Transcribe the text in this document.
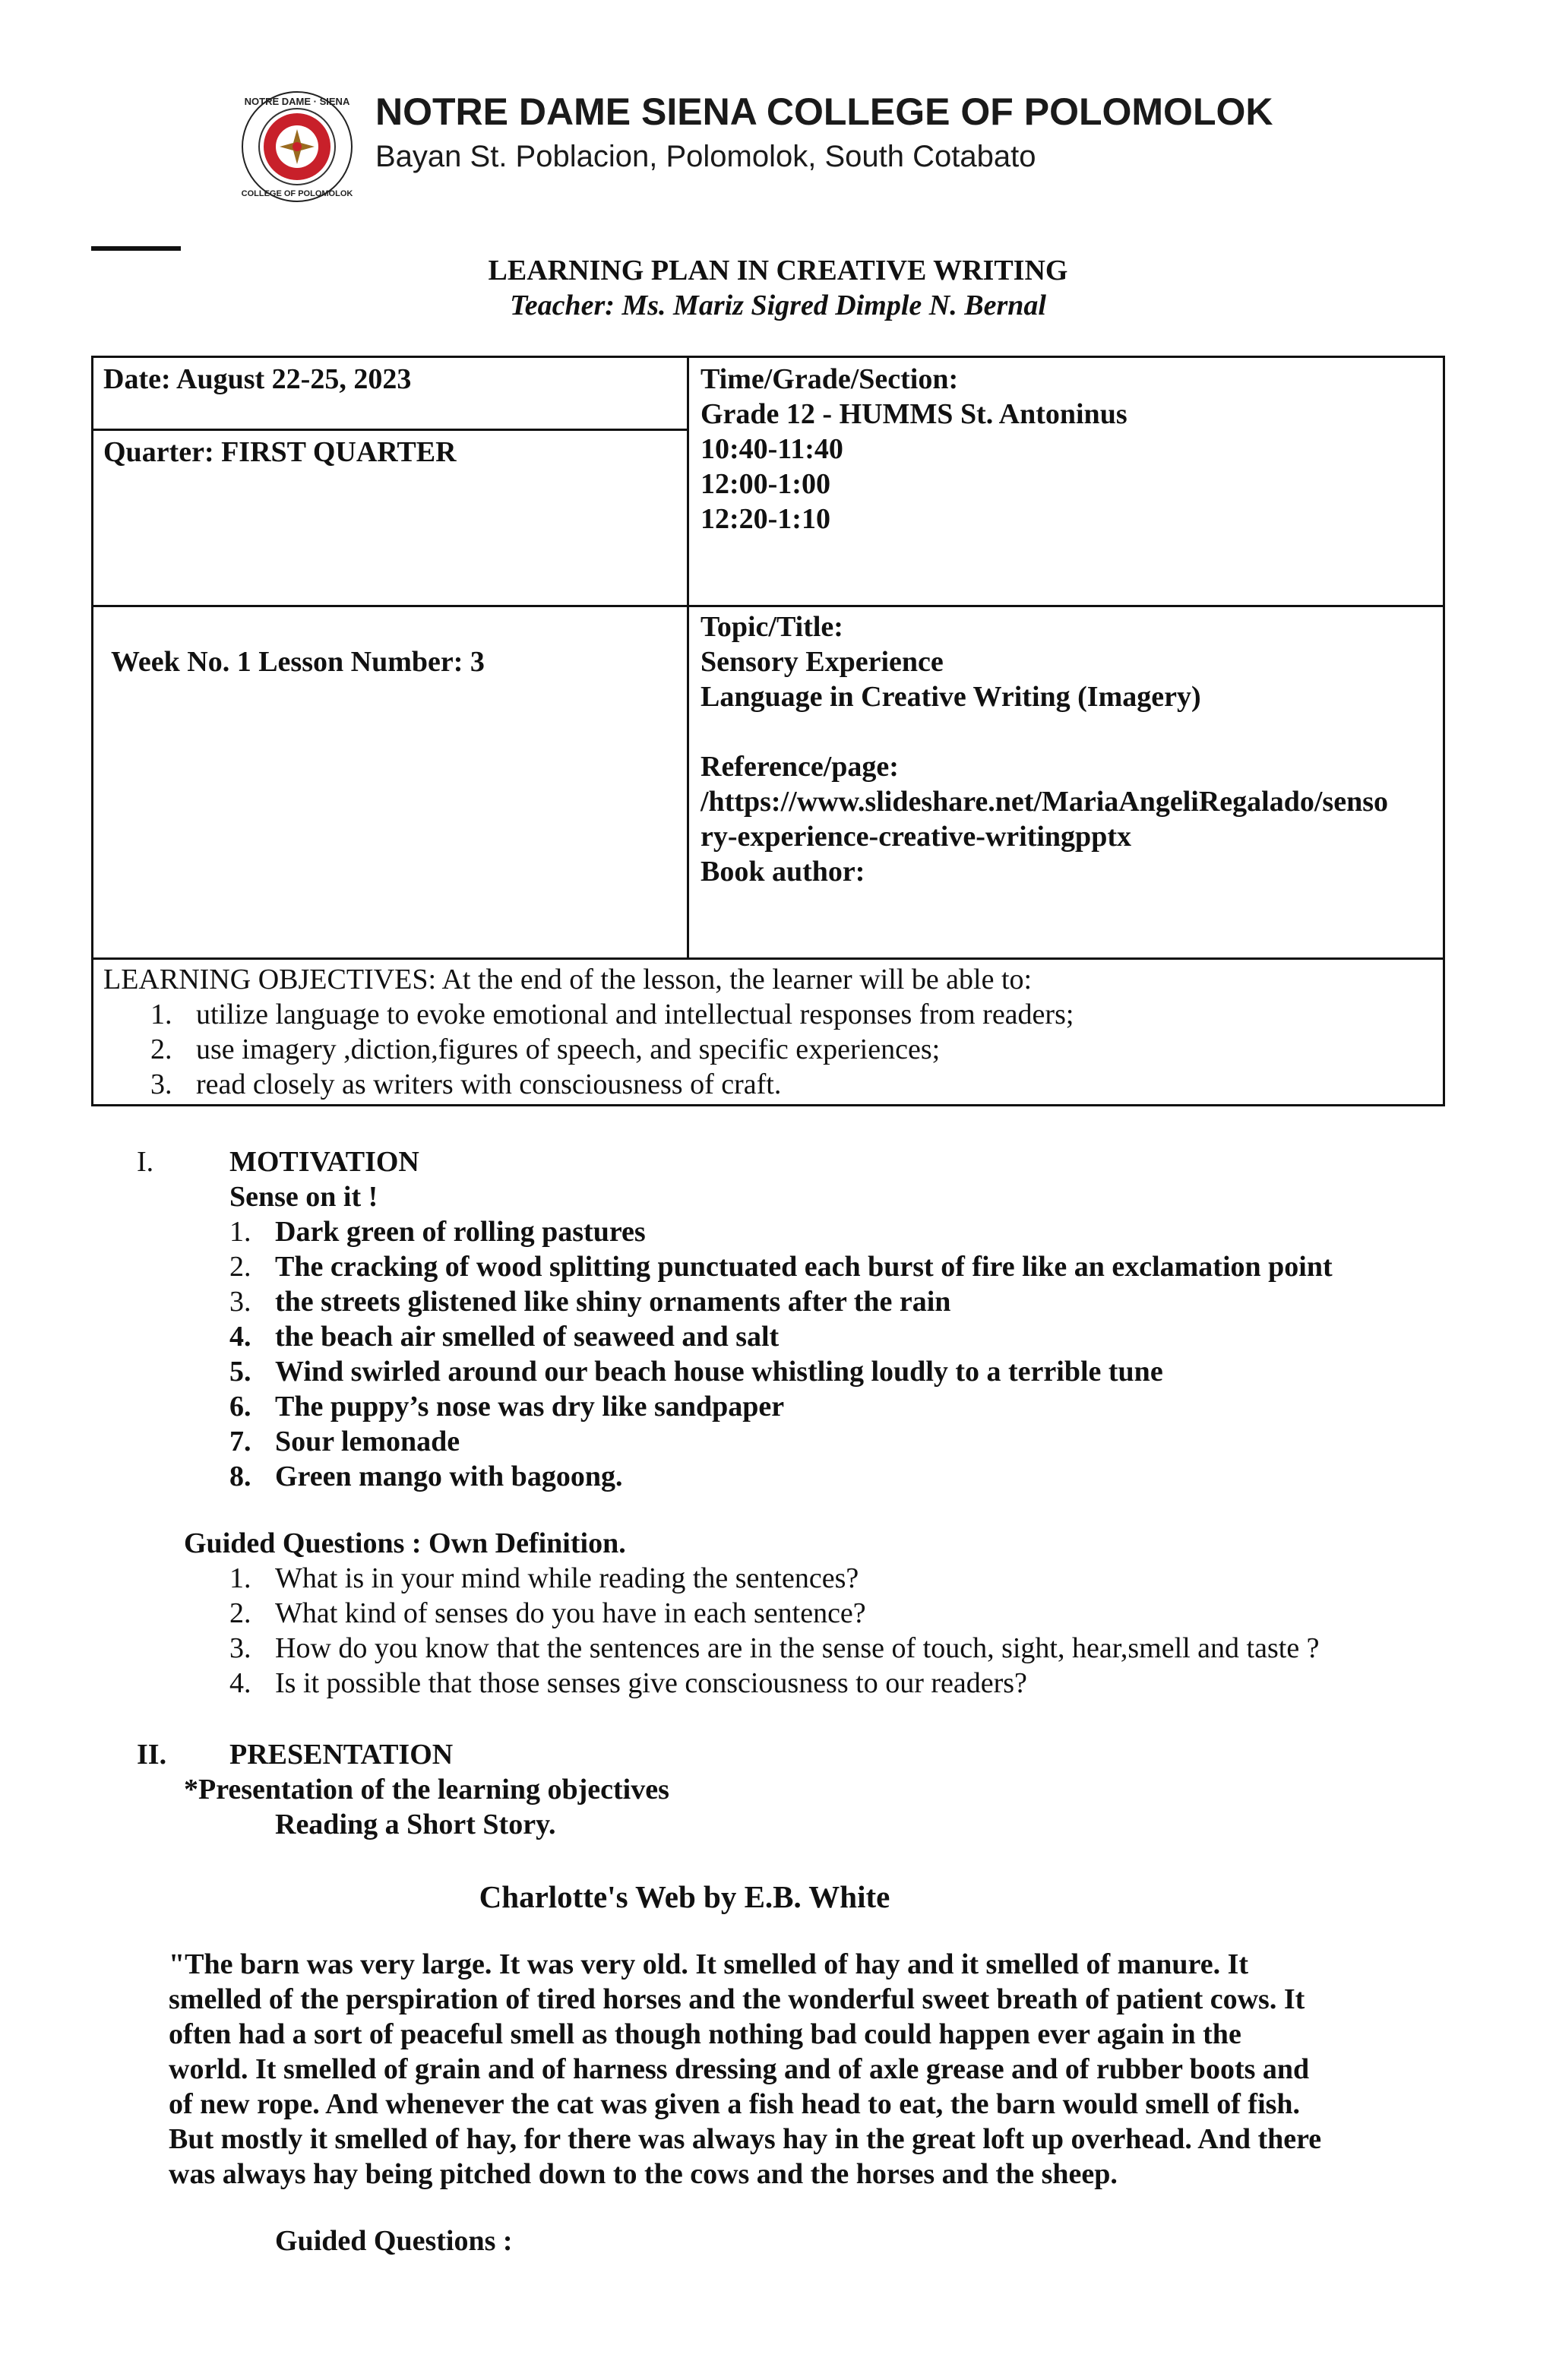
NOTRE DAME · SIENA
COLLEGE OF POLOMOLOK
NOTRE DAME SIENA COLLEGE OF POLOMOLOK
Bayan St. Poblacion, Polomolok, South Cotabato
LEARNING PLAN IN CREATIVE WRITING
Teacher: Ms. Mariz Sigred Dimple N. Bernal
Date: August 22-25, 2023
Quarter: FIRST QUARTER
Time/Grade/Section:
Grade 12 - HUMMS St. Antoninus
10:40-11:40
12:00-1:00
12:20-1:10
Week No. 1 Lesson Number: 3
Topic/Title:
Sensory Experience
Language in Creative Writing (Imagery)
Reference/page:
/https://www.slideshare.net/MariaAngeliRegalado/senso
ry-experience-creative-writingpptx
Book author:
LEARNING OBJECTIVES: At the end of the lesson, the learner will be able to:
1. utilize language to evoke emotional and intellectual responses from readers;
2. use imagery ,diction,figures of speech, and specific experiences;
3. read closely as writers with consciousness of craft.
I.	MOTIVATION
Sense on it !
1. Dark green of rolling pastures
2. The cracking of wood splitting punctuated each burst of fire like an exclamation point
3. the streets glistened like shiny ornaments after the rain
4. the beach air smelled of seaweed and salt
5. Wind swirled around our beach house whistling loudly to a terrible tune
6. The puppy’s nose was dry like sandpaper
7. Sour lemonade
8. Green mango with bagoong.
Guided Questions : Own Definition.
1. What is in your mind while reading the sentences?
2. What kind of senses do you have in each sentence?
3. How do you know that the sentences are in the sense of touch, sight, hear,smell and taste ?
4. Is it possible that those senses give consciousness to our readers?
II. PRESENTATION
*Presentation of the learning objectives
Reading a Short Story.
Charlotte's Web by E.B. White
"The barn was very large. It was very old. It smelled of hay and it smelled of manure. It
smelled of the perspiration of tired horses and the wonderful sweet breath of patient cows. It
often had a sort of peaceful smell as though nothing bad could happen ever again in the
world. It smelled of grain and of harness dressing and of axle grease and of rubber boots and
of new rope. And whenever the cat was given a fish head to eat, the barn would smell of fish.
But mostly it smelled of hay, for there was always hay in the great loft up overhead. And there
was always hay being pitched down to the cows and the horses and the sheep.
Guided Questions :
